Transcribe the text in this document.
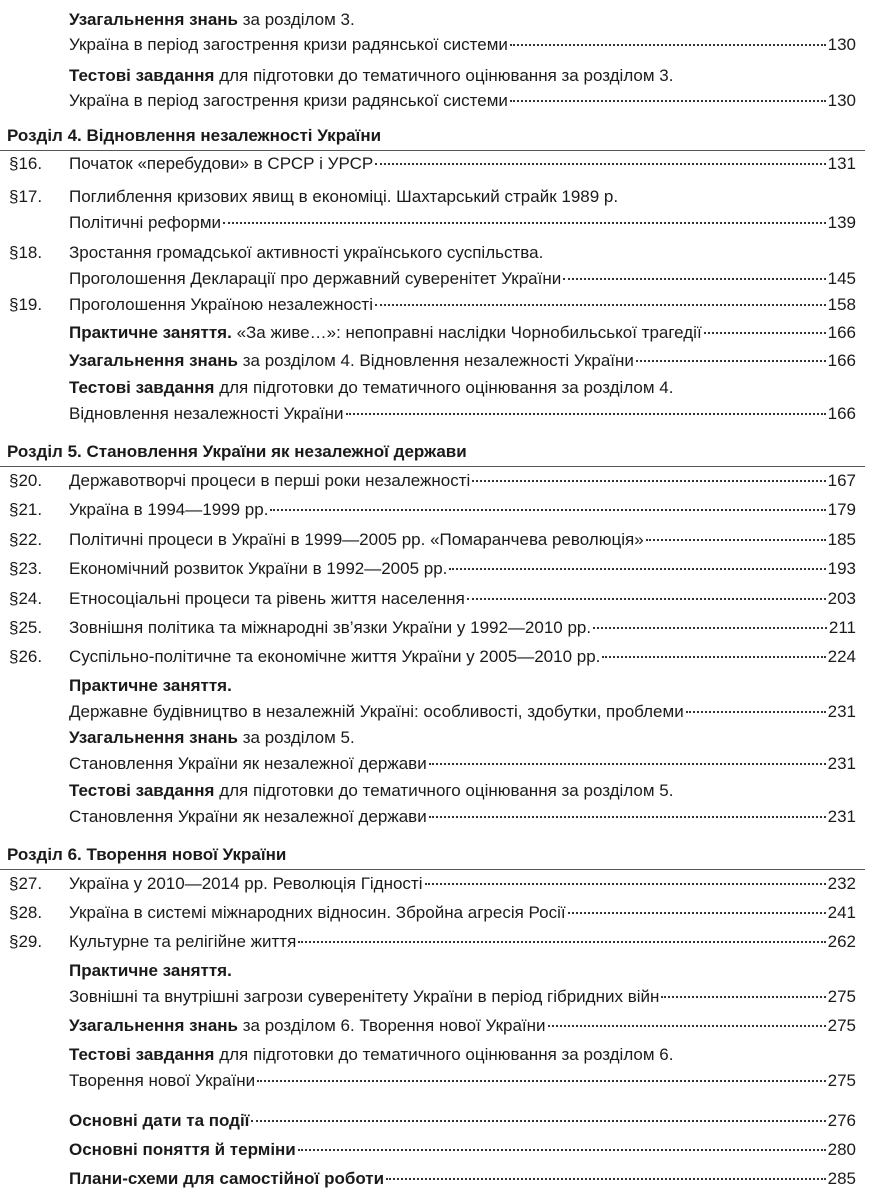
Узагальнення знань за розділом 3.
Україна в період загострення кризи радянської системи	130
Тестові завдання для підготовки до тематичного оцінювання за розділом 3.
Україна в період загострення кризи радянської системи	130
Розділ 4. Відновлення незалежності України
§16.	Початок «перебудови» в СРСР і УРСР	131
§17.	Поглиблення кризових явищ в економіці. Шахтарський страйк 1989 р.
Політичні реформи	139
§18.	Зростання громадської активності українського суспільства.
Проголошення Декларації про державний суверенітет України	145
§19.	Проголошення Україною незалежності	158
Практичне заняття. «За живе…»: непоправні наслідки Чорнобильської трагедії	166
Узагальнення знань за розділом 4. Відновлення незалежності України	166
Тестові завдання для підготовки до тематичного оцінювання за розділом 4.
Відновлення незалежності України	166
Розділ 5. Становлення України як незалежної держави
§20.	Державотворчі процеси в перші роки незалежності	167
§21.	Україна в 1994—1999 рр.	179
§22.	Політичні процеси в Україні в 1999—2005 рр. «Помаранчева революція»	185
§23.	Економічний розвиток України в 1992—2005 рр.	193
§24.	Етносоціальні процеси та рівень життя населення	203
§25.	Зовнішня політика та міжнародні зв’язки України у 1992—2010 рр.	211
§26.	Суспільно-політичне та економічне життя України у 2005—2010 рр.	224
Практичне заняття.
Державне будівництво в незалежній Україні: особливості, здобутки, проблеми	231
Узагальнення знань за розділом 5.
Становлення України як незалежної держави	231
Тестові завдання для підготовки до тематичного оцінювання за розділом 5.
Становлення України як незалежної держави	231
Розділ 6. Творення нової України
§27.	Україна у 2010—2014 рр. Революція Гідності	232
§28.	Україна в системі міжнародних відносин. Збройна агресія Росії	241
§29.	Культурне та релігійне життя	262
Практичне заняття.
Зовнішні та внутрішні загрози суверенітету України в період гібридних війн	275
Узагальнення знань за розділом 6. Творення нової України	275
Тестові завдання для підготовки до тематичного оцінювання за розділом 6.
Творення нової України	275
Основні дати та події	276
Основні поняття й терміни	280
Плани-схеми для самостійної роботи	285
